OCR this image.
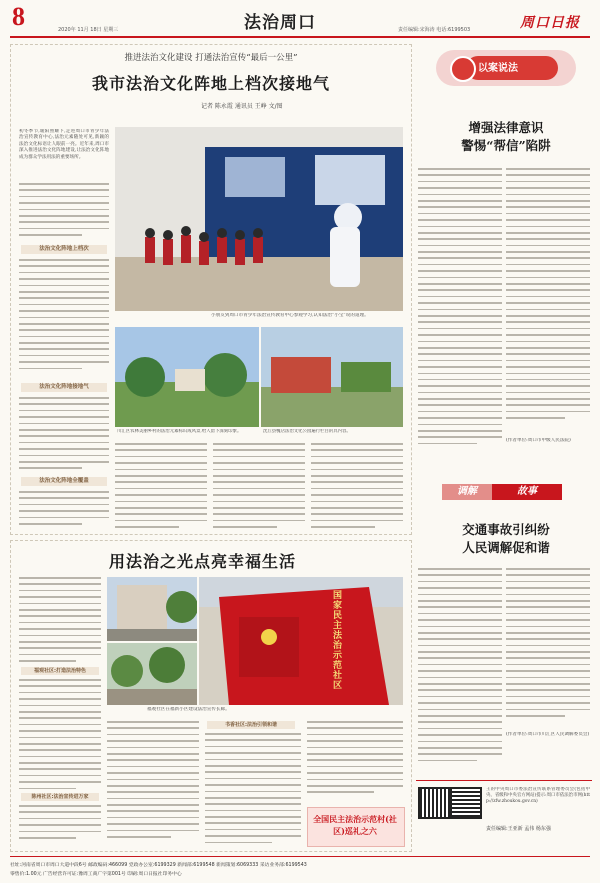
8	2020年 11月 18日 星期三	法治周口	责任编辑:宋海涛 电话:6199503	周口日报
推进法治文化建设 打通法治宣传“最后一公里”
我市法治文化阵地上档次接地气
记者 陈永霞 通讯员 王峥 文/图
初冬季节,暖阳照耀下,走进周口市青少年法治宣传教育中心,法治元素随处可见,新颖的法治文化标语让人眼前一亮。近年来,周口市深入推进法治文化阵地建设,让法治文化阵地成为群众学法用法的重要场所。
法治文化阵地上档次
小朋友到周口市青少年法治宣传教育中心参观学习,认知法治“小宝”说的道理。
川汇区农林美丽乡村的法治元素标识成风景,给人留下深刻印象。	沈丘县槐店法治文化公园遍行栏目的具内容。
法治文化阵地接地气
法治文化阵地全覆盖
以案说法
增强法律意识
警惕“帮信”陷阱
(作者单位:周口市中级人民法院)
用法治之光点亮幸福生活
福观社区:打造法治特色
陈州社区:法治宣传进万家
国家民主法治示范社区
福观社区在福新小区建设法治宣传长廊。
书香社区:法治引领和谐
全国民主法治示范村(社区)巡礼之六
调解	故事
交通事故引纠纷
人民调解促和谐
(作者单位:周口市川汇区人民调解委员会)
王的中央周口市委法治宣传联系管理委员会(包括中央、省级和中央官方网站)提示:周口市依法治市网(http://zfw.zhoukou.gov.cn)
责任编辑:王亚新 孟伟 杨东强
社址:河南省周口市周口大道中段6号 邮政编码:466099 党政办公室:6199329 新闻部:6199548 新闻策划:6069333 采访业务部:6199543
零售价:1.00元 广告经营许可证:豫周工商广字第001号 印刷:周口日报社印务中心
